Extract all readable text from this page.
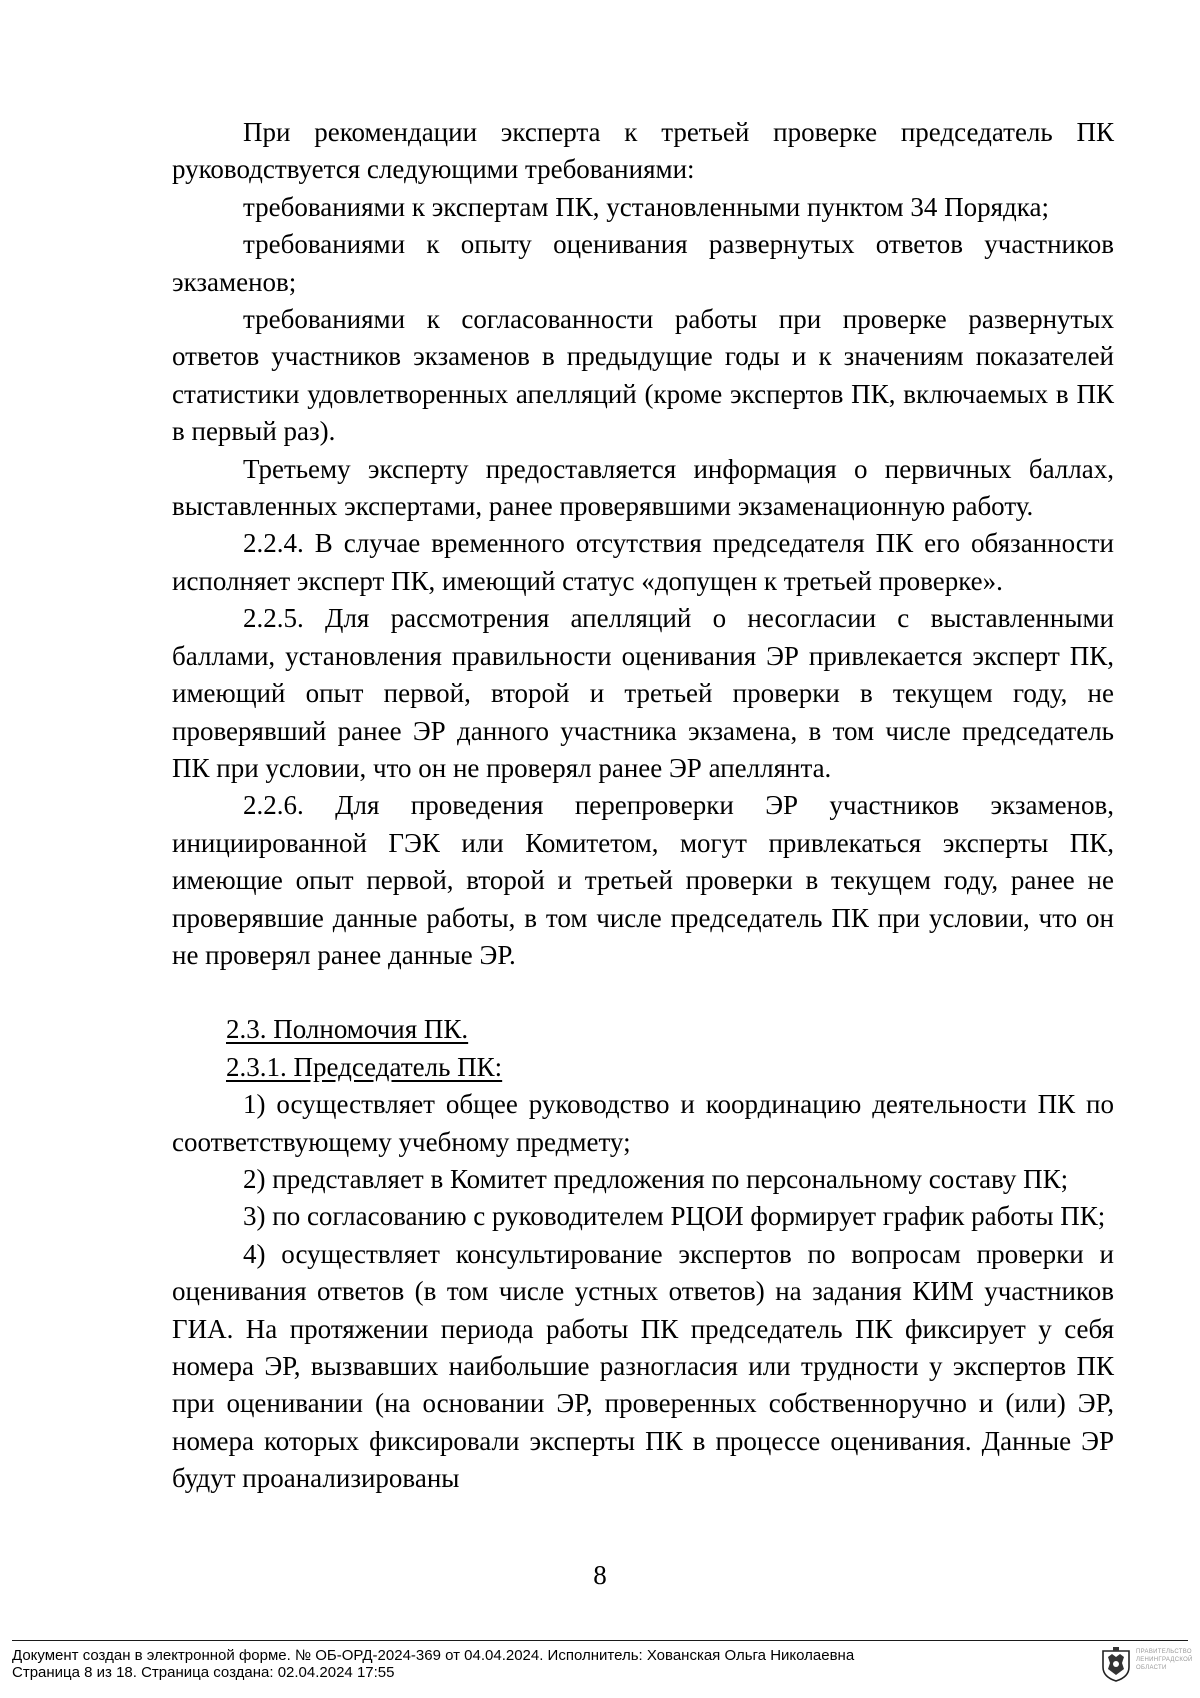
При рекомендации эксперта к третьей проверке председатель ПК руководствуется следующими требованиями:

требованиями к экспертам ПК, установленными пунктом 34 Порядка;

требованиями к опыту оценивания развернутых ответов участников экзаменов;

требованиями к согласованности работы при проверке развернутых ответов участников экзаменов в предыдущие годы и к значениям показателей статистики удовлетворенных апелляций (кроме экспертов ПК, включаемых в ПК в первый раз).

Третьему эксперту предоставляется информация о первичных баллах, выставленных экспертами, ранее проверявшими экзаменационную работу.

2.2.4. В случае временного отсутствия председателя ПК его обязанности исполняет эксперт ПК, имеющий статус «допущен к третьей проверке».

2.2.5. Для рассмотрения апелляций о несогласии с выставленными баллами, установления правильности оценивания ЭР привлекается эксперт ПК, имеющий опыт первой, второй и третьей проверки в текущем году, не проверявший ранее ЭР данного участника экзамена, в том числе председатель ПК при условии, что он не проверял ранее ЭР апеллянта.

2.2.6. Для проведения перепроверки ЭР участников экзаменов, инициированной ГЭК или Комитетом, могут привлекаться эксперты ПК, имеющие опыт первой, второй и третьей проверки в текущем году, ранее не проверявшие данные работы, в том числе председатель ПК при условии, что он не проверял ранее данные ЭР.

2.3. Полномочия ПК.

2.3.1. Председатель ПК:

1) осуществляет общее руководство и координацию деятельности ПК по соответствующему учебному предмету;

2) представляет в Комитет предложения по персональному составу ПК;

3) по согласованию с руководителем РЦОИ формирует график работы ПК;

4) осуществляет консультирование экспертов по вопросам проверки и оценивания ответов (в том числе устных ответов) на задания КИМ участников ГИА. На протяжении периода работы ПК председатель ПК фиксирует у себя номера ЭР, вызвавших наибольшие разногласия или трудности у экспертов ПК при оценивании (на основании ЭР, проверенных собственноручно и (или) ЭР, номера которых фиксировали эксперты ПК в процессе оценивания. Данные ЭР будут проанализированы

8
Документ создан в электронной форме. № ОБ-ОРД-2024-369 от 04.04.2024. Исполнитель: Хованская Ольга Николаевна
Страница 8 из 18. Страница создана: 02.04.2024 17:55
ПРАВИТЕЛЬСТВО ЛЕНИНГРАДСКОЙ ОБЛАСТИ
